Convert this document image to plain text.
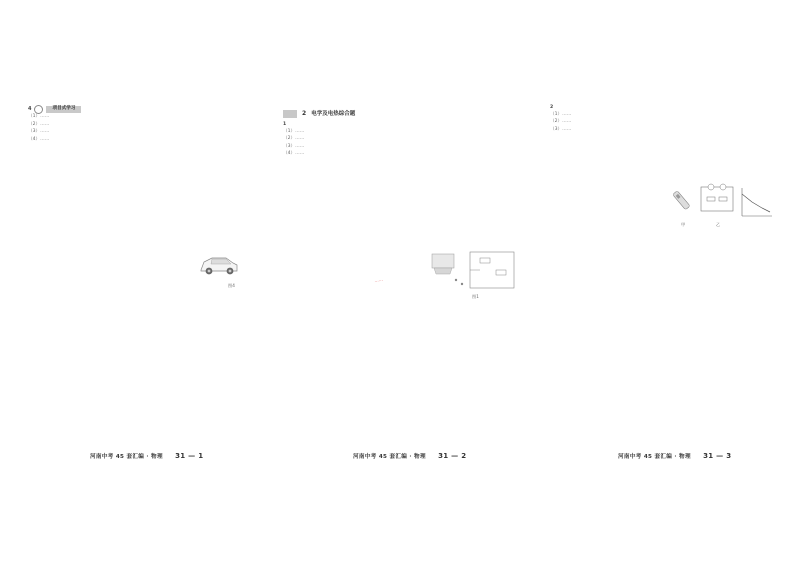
4	项目式学习

（1）……

（2）……

（3）……

（4）……

图4
河南中考 45 套汇编 · 物理 31 — 1
2 电学及电热综合题
1

（1）……

（2）……

（3）……

（4）……

图1
……
河南中考 45 套汇编 · 物理 31 — 2
2

（1）……

（2）……

（3）……

甲	乙
河南中考 45 套汇编 · 物理 31 — 3
